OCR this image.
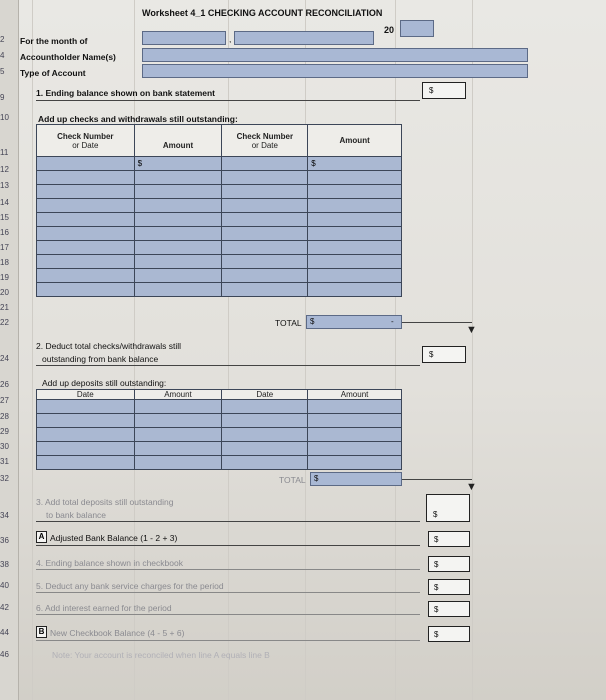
2
4
5
9
10
11
12
13
14
15
16
17
18
19
20
21
22
24
26
27
28
29
30
31
32
34
36
38
40
42
44
46
Worksheet 4_1 CHECKING ACCOUNT RECONCILIATION
20
For the month of	,
Accountholder Name(s)
Type of Account
1. Ending balance shown on bank statement	$
Add up checks and withdrawals still outstanding:
Check Number
or Date	Amount	Check Number
or Date	Amount
	$		$

TOTAL $	-
▼
2. Deduct total checks/withdrawals still
outstanding from bank balance	$
Add up deposits still outstanding:
Date	Amount	Date	Amount

TOTAL $
▼
3. Add total deposits still outstanding
to bank balance	$
A Adjusted Bank Balance (1 - 2 + 3)	$
4. Ending balance shown in checkbook	$
5. Deduct any bank service charges for the period	$
6. Add interest earned for the period	$
B New Checkbook Balance (4 - 5 + 6)	$
Note: Your account is reconciled when line A equals line B
